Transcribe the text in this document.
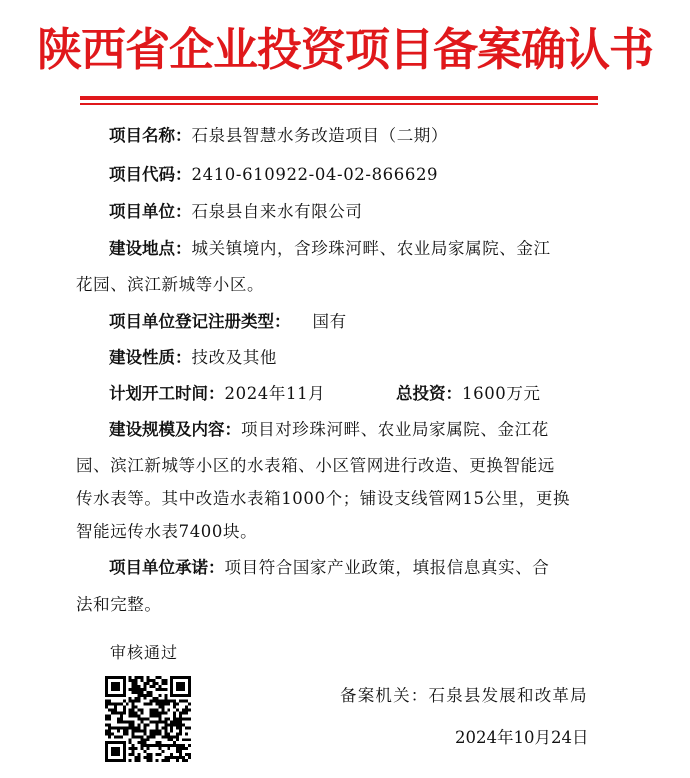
陕西省企业投资项目备案确认书
项目名称：石泉县智慧水务改造项目（二期）
项目代码：2410-610922-04-02-866629
项目单位：石泉县自来水有限公司
建设地点：城关镇境内，含珍珠河畔、农业局家属院、金江
花园、滨江新城等小区。
项目单位登记注册类型： 国有
建设性质：技改及其他
计划开工时间：2024年11月	总投资：1600万元
建设规模及内容：项目对珍珠河畔、农业局家属院、金江花
园、滨江新城等小区的水表箱、小区管网进行改造、更换智能远
传水表等。其中改造水表箱1000个；铺设支线管网15公里，更换
智能远传水表7400块。
项目单位承诺：项目符合国家产业政策，填报信息真实、合
法和完整。
审核通过
备案机关：石泉县发展和改革局
2024年10月24日
